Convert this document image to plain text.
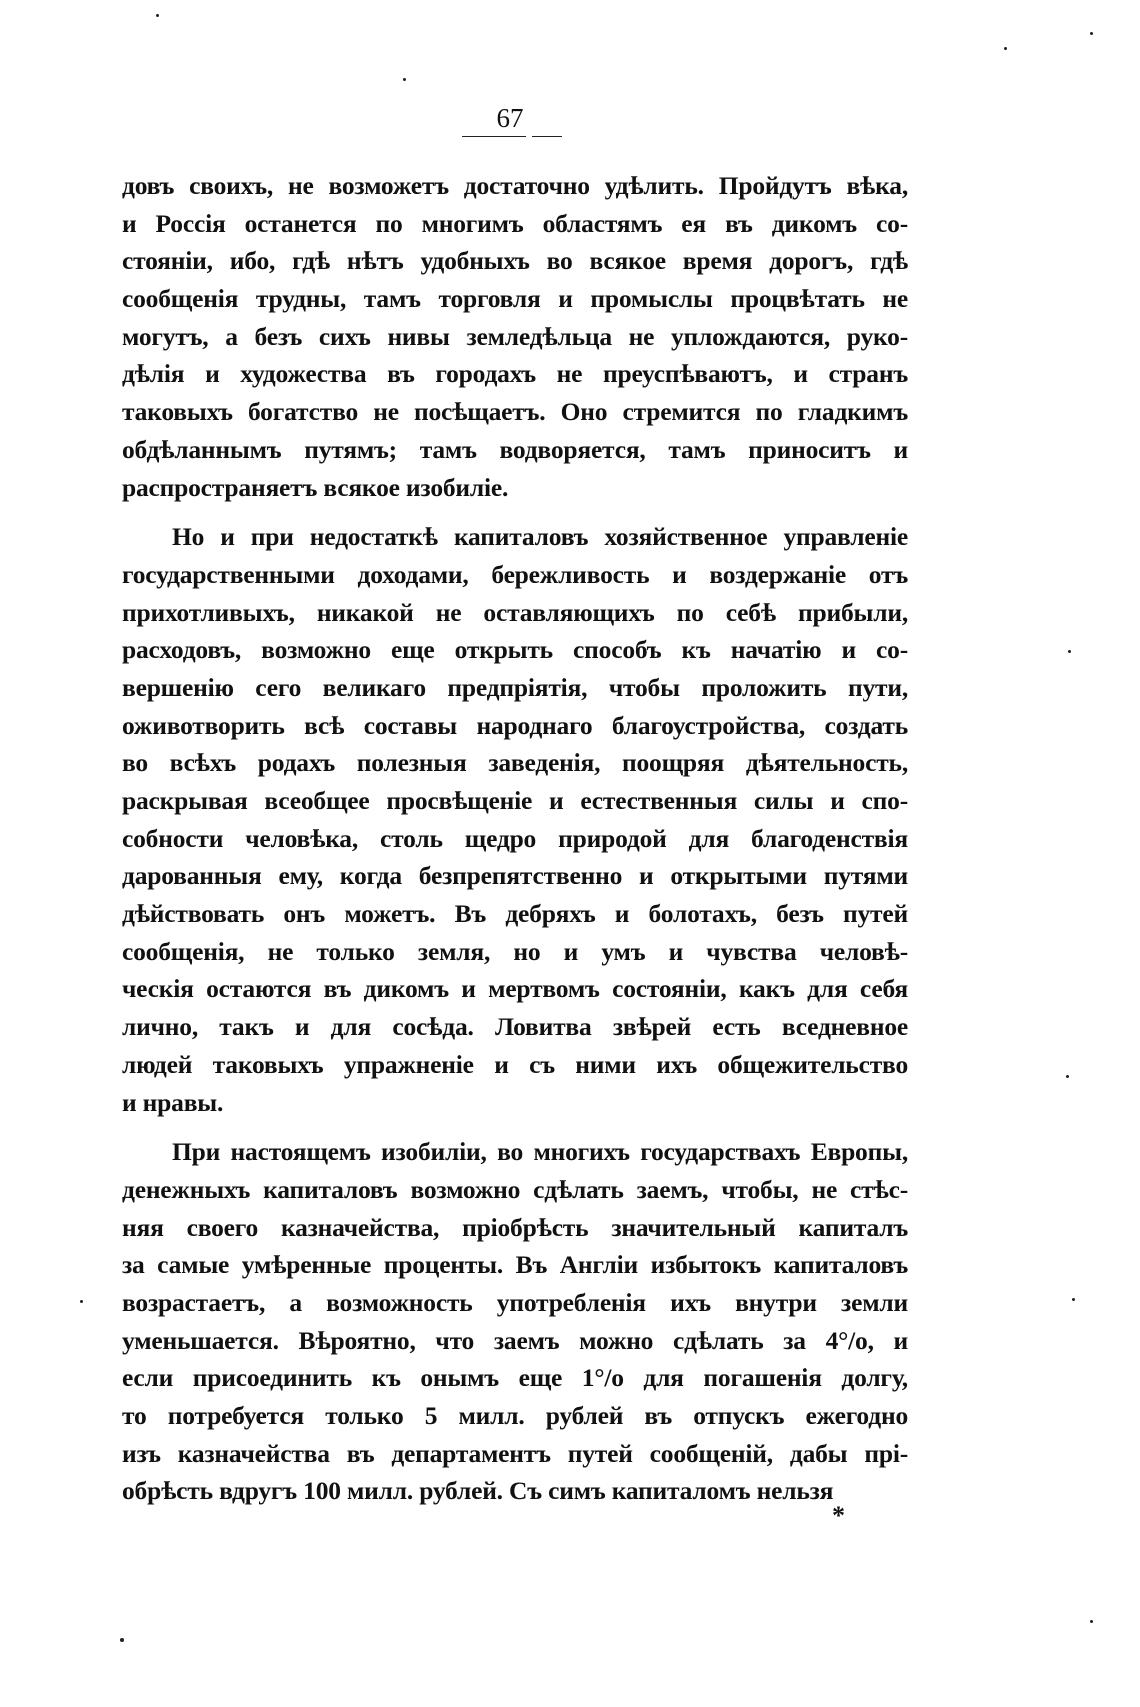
67
довъ своихъ, не возможетъ достаточно удѣлить. Пройдутъ вѣка,
и Россія останется по многимъ областямъ ея въ дикомъ со-
стояніи, ибо, гдѣ нѣтъ удобныхъ во всякое время дорогъ, гдѣ
сообщенія трудны, тамъ торговля и промыслы процвѣтать не
могутъ, а безъ сихъ нивы земледѣльца не уплождаются, руко-
дѣлія и художества въ городахъ не преуспѣваютъ, и странъ
таковыхъ богатство не посѣщаетъ. Оно стремится по гладкимъ
обдѣланнымъ путямъ; тамъ водворяется, тамъ приноситъ и
распространяетъ всякое изобиліе.
Но и при недостаткѣ капиталовъ хозяйственное управленіе
государственными доходами, бережливость и воздержаніе отъ
прихотливыхъ, никакой не оставляющихъ по себѣ прибыли,
расходовъ, возможно еще открыть способъ къ начатію и со-
вершенію сего великаго предпріятія, чтобы проложить пути,
оживотворить всѣ составы народнаго благоустройства, создать
во всѣхъ родахъ полезныя заведенія, поощряя дѣятельность,
раскрывая всеобщее просвѣщеніе и естественныя силы и спо-
собности человѣка, столь щедро природой для благоденствія
дарованныя ему, когда безпрепятственно и открытыми путями
дѣйствовать онъ можетъ. Въ дебряхъ и болотахъ, безъ путей
сообщенія, не только земля, но и умъ и чувства человѣ-
ческія остаются въ дикомъ и мертвомъ состояніи, какъ для себя
лично, такъ и для сосѣда. Ловитва звѣрей есть вседневное
людей таковыхъ упражненіе и съ ними ихъ общежительство
и нравы.
При настоящемъ изобиліи, во многихъ государствахъ Европы,
денежныхъ капиталовъ возможно сдѣлать заемъ, чтобы, не стѣс-
няя своего казначейства, пріобрѣсть значительный капиталъ
за самые умѣренные проценты. Въ Англіи избытокъ капиталовъ
возрастаетъ, а возможность употребленія ихъ внутри земли
уменьшается. Вѣроятно, что заемъ можно сдѣлать за 4°/о, и
если присоединить къ онымъ еще 1°/о для погашенія долгу,
то потребуется только 5 милл. рублей въ отпускъ ежегодно
изъ казначейства въ департаментъ путей сообщеній, дабы прі-
обрѣсть вдругъ 100 милл. рублей. Съ симъ капиталомъ нельзя
*
